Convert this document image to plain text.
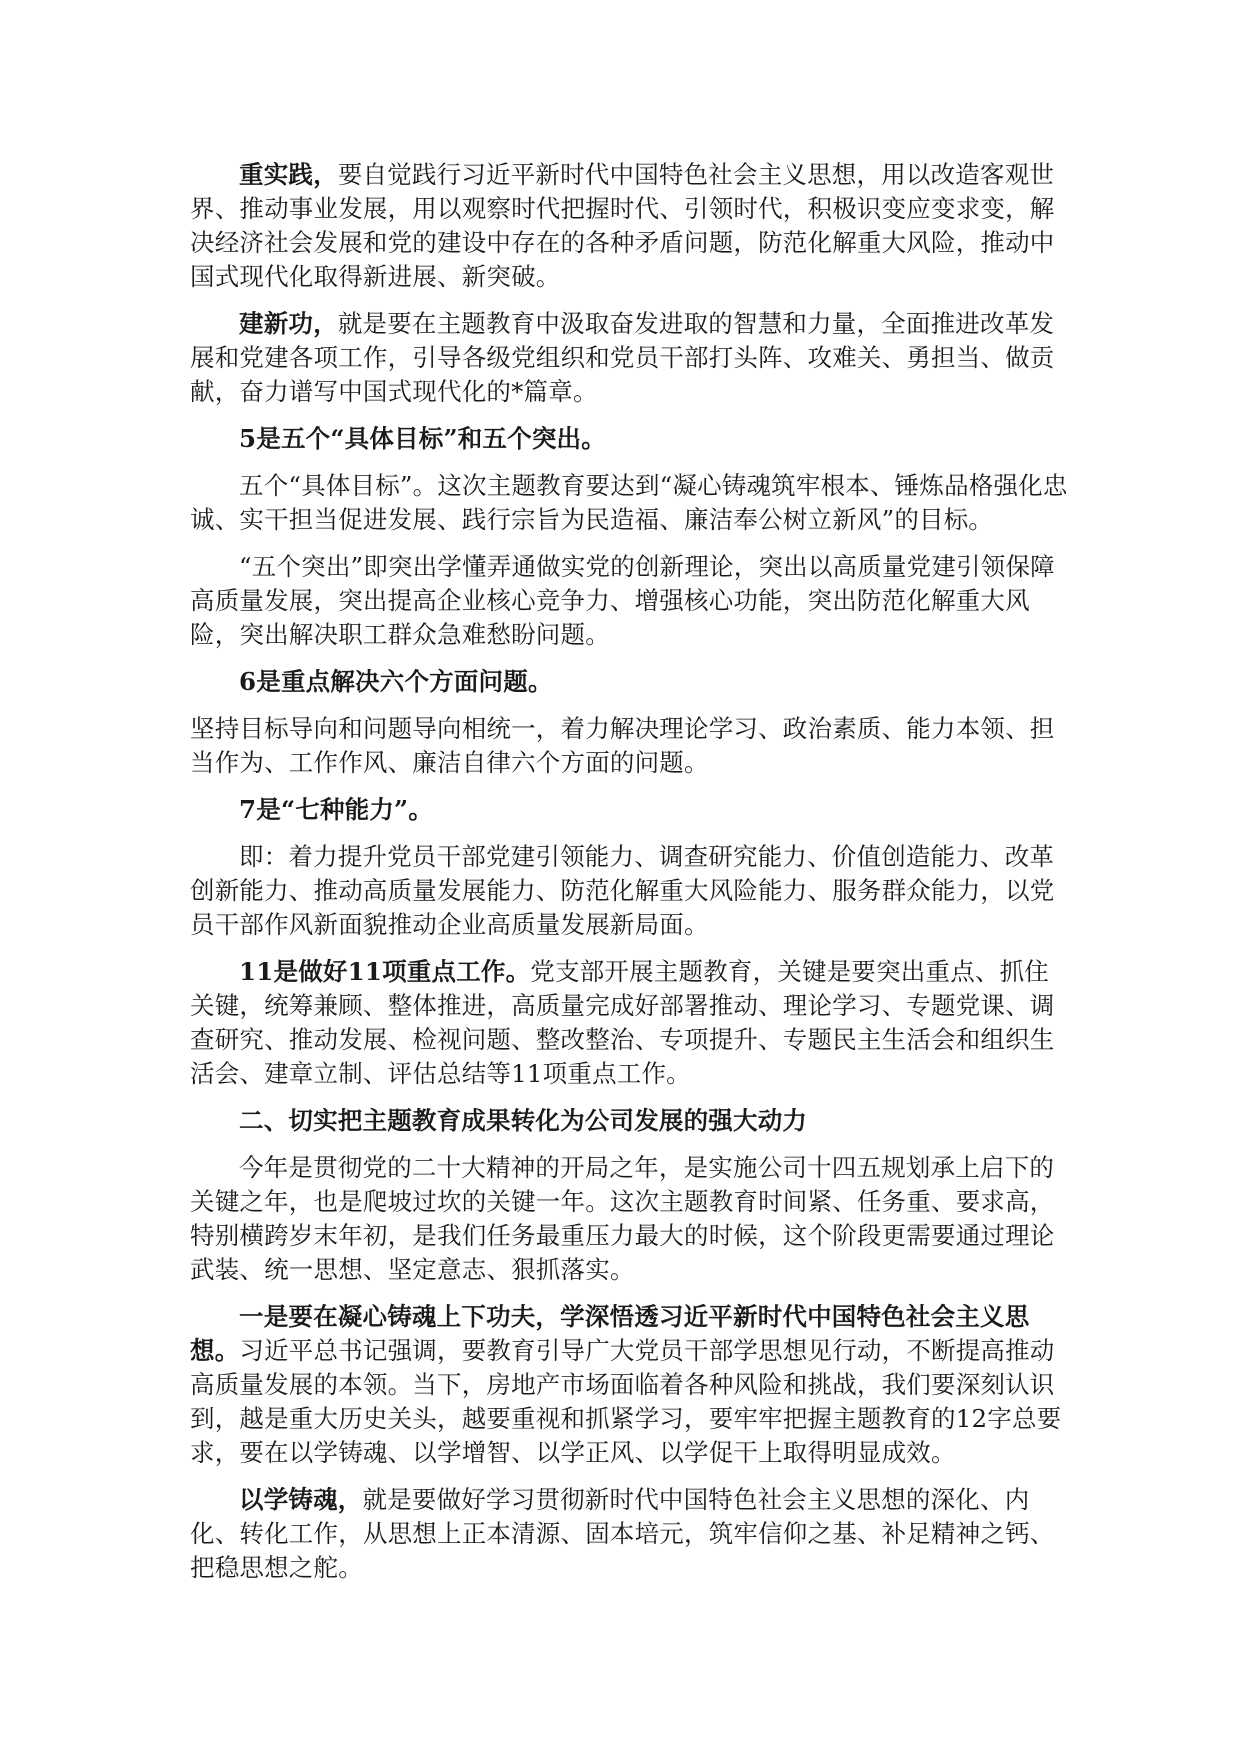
重实践，要自觉践行习近平新时代中国特色社会主义思想，用以改造客观世界、推动事业发展，用以观察时代把握时代、引领时代，积极识变应变求变，解决经济社会发展和党的建设中存在的各种矛盾问题，防范化解重大风险，推动中国式现代化取得新进展、新突破。

建新功，就是要在主题教育中汲取奋发进取的智慧和力量，全面推进改革发展和党建各项工作，引导各级党组织和党员干部打头阵、攻难关、勇担当、做贡献，奋力谱写中国式现代化的*篇章。

5是五个“具体目标”和五个突出。

五个“具体目标”。这次主题教育要达到“凝心铸魂筑牢根本、锤炼品格强化忠诚、实干担当促进发展、践行宗旨为民造福、廉洁奉公树立新风”的目标。

“五个突出”即突出学懂弄通做实党的创新理论，突出以高质量党建引领保障高质量发展，突出提高企业核心竞争力、增强核心功能，突出防范化解重大风险，突出解决职工群众急难愁盼问题。

6是重点解决六个方面问题。

坚持目标导向和问题导向相统一，着力解决理论学习、政治素质、能力本领、担当作为、工作作风、廉洁自律六个方面的问题。

7是“七种能力”。

即：着力提升党员干部党建引领能力、调查研究能力、价值创造能力、改革创新能力、推动高质量发展能力、防范化解重大风险能力、服务群众能力，以党员干部作风新面貌推动企业高质量发展新局面。

11是做好11项重点工作。党支部开展主题教育，关键是要突出重点、抓住关键，统筹兼顾、整体推进，高质量完成好部署推动、理论学习、专题党课、调查研究、推动发展、检视问题、整改整治、专项提升、专题民主生活会和组织生活会、建章立制、评估总结等11项重点工作。

二、切实把主题教育成果转化为公司发展的强大动力

今年是贯彻党的二十大精神的开局之年，是实施公司十四五规划承上启下的关键之年，也是爬坡过坎的关键一年。这次主题教育时间紧、任务重、要求高，特别横跨岁末年初，是我们任务最重压力最大的时候，这个阶段更需要通过理论武装、统一思想、坚定意志、狠抓落实。

一是要在凝心铸魂上下功夫，学深悟透习近平新时代中国特色社会主义思想。习近平总书记强调，要教育引导广大党员干部学思想见行动，不断提高推动高质量发展的本领。当下，房地产市场面临着各种风险和挑战，我们要深刻认识到，越是重大历史关头，越要重视和抓紧学习，要牢牢把握主题教育的12字总要求，要在以学铸魂、以学增智、以学正风、以学促干上取得明显成效。

以学铸魂，就是要做好学习贯彻新时代中国特色社会主义思想的深化、内化、转化工作，从思想上正本清源、固本培元，筑牢信仰之基、补足精神之钙、把稳思想之舵。
